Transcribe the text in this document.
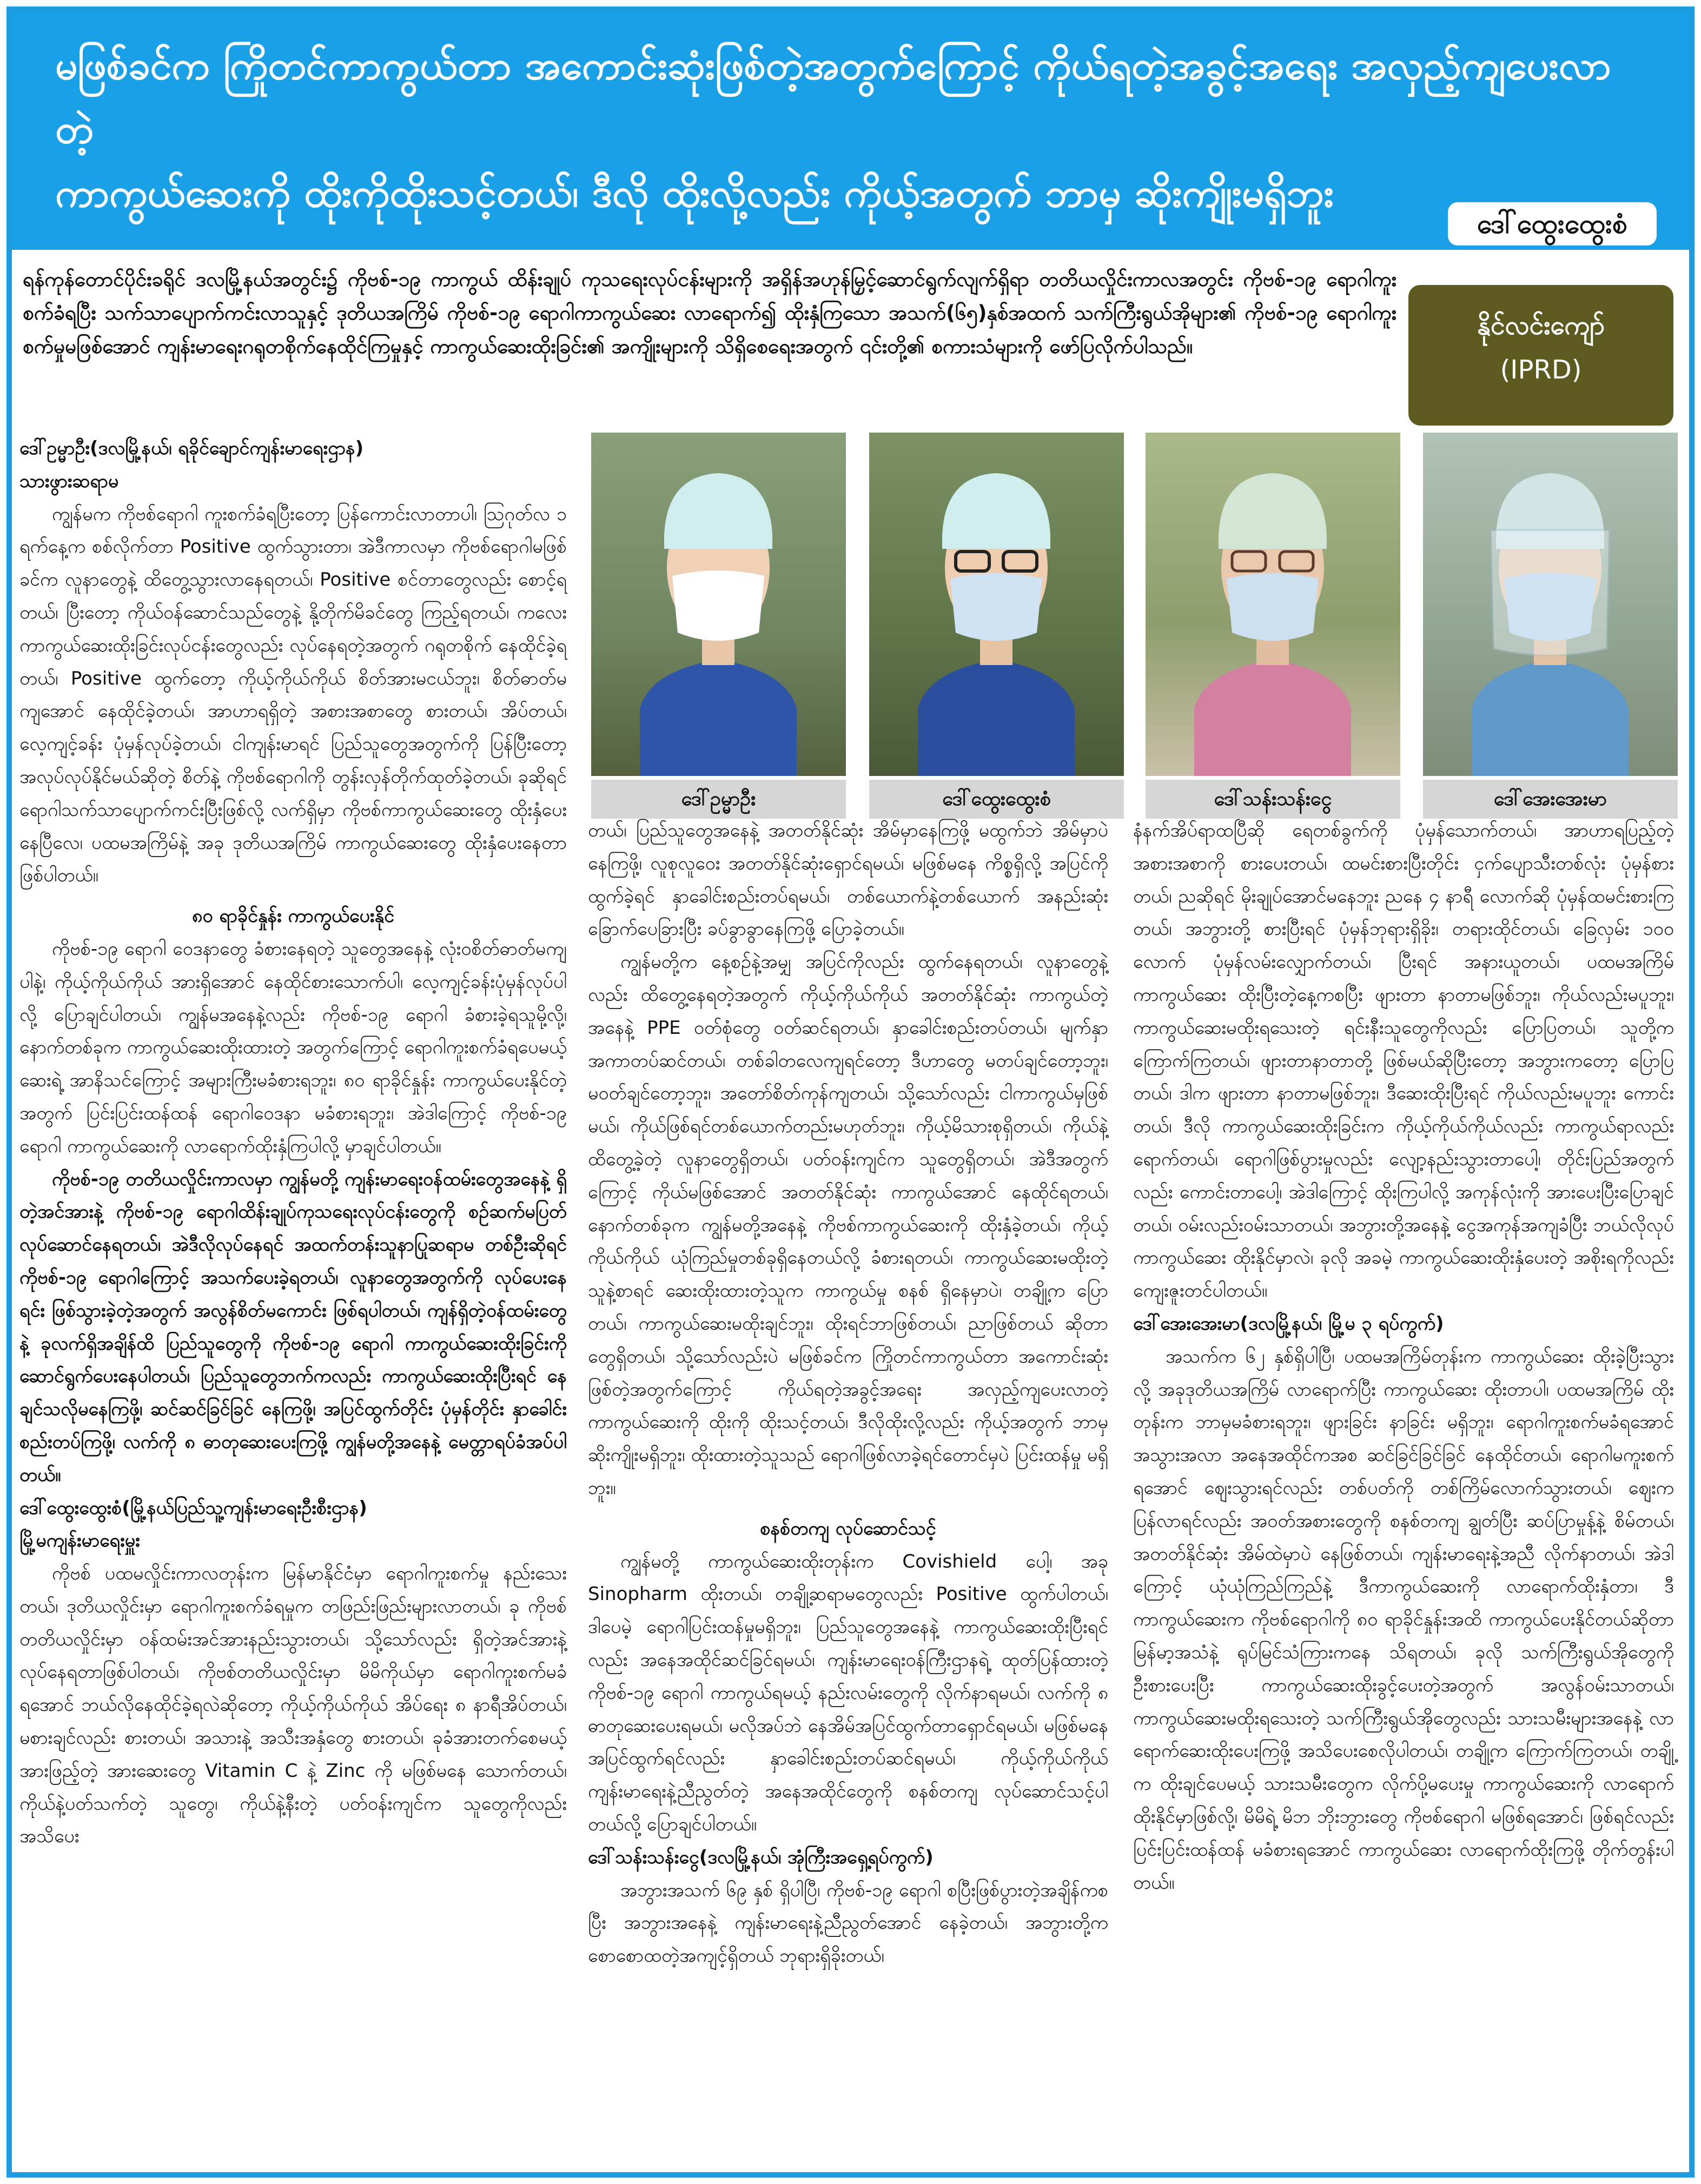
မဖြစ်ခင်က ကြိုတင်ကာကွယ်တာ အကောင်းဆုံးဖြစ်တဲ့အတွက်ကြောင့် ကိုယ်ရတဲ့အခွင့်အရေး အလှည့်ကျပေးလာတဲ့
ကာကွယ်ဆေးကို ထိုးကိုထိုးသင့်တယ်၊ ဒီလို ထိုးလို့လည်း ကိုယ့်အတွက် ဘာမှ ဆိုးကျိုးမရှိဘူး
ဒေါ်ထွေးထွေးစံ
ရန်ကုန်တောင်ပိုင်းခရိုင် ဒလမြို့နယ်အတွင်း၌ ကိုဗစ်-၁၉ ကာကွယ် ထိန်းချုပ် ကုသရေးလုပ်ငန်းများကို အရှိန်အဟုန်မြှင့်ဆောင်ရွက်လျက်ရှိရာ တတိယလှိုင်းကာလအတွင်း ကိုဗစ်-၁၉ ရောဂါကူးစက်ခံရပြီး သက်သာပျောက်ကင်းလာသူနှင့် ဒုတိယအကြိမ် ကိုဗစ်-၁၉ ရောဂါကာကွယ်ဆေး လာရောက်၍ ထိုးနှံကြသော အသက်(၆၅)နှစ်အထက် သက်ကြီးရွယ်အိုများ၏ ကိုဗစ်-၁၉ ရောဂါကူးစက်မှုမဖြစ်အောင် ကျန်းမာရေးဂရုတစိုက်နေထိုင်ကြမှုနှင့် ကာကွယ်ဆေးထိုးခြင်း၏ အကျိုးများကို သိရှိစေရေးအတွက် ၎င်းတို့၏ စကားသံများကို ဖော်ပြလိုက်ပါသည်။
နိုင်လင်းကျော်
(IPRD)

ဒေါ်ဥမ္မာဦး(ဒလမြို့နယ်၊ ရခိုင်ချောင်ကျန်းမာရေးဌာန)

သားဖွားဆရာမ

ကျွန်မက ကိုဗစ်ရောဂါ ကူးစက်ခံရပြီးတော့ ပြန်ကောင်းလာတာပါ၊ ဩဂုတ်လ ၁ ရက်နေ့က စစ်လိုက်တာ Positive ထွက်သွားတာ၊ အဲဒီကာလမှာ ကိုဗစ်ရောဂါမဖြစ်ခင်က လူနာတွေနဲ့ ထိတွေ့သွားလာနေရတယ်၊ Positive စင်တာတွေလည်း စောင့်ရတယ်၊ ပြီးတော့ ကိုယ်ဝန်ဆောင်သည်တွေနဲ့ နို့တိုက်မိခင်တွေ ကြည့်ရတယ်၊ ကလေး ကာကွယ်ဆေးထိုးခြင်းလုပ်ငန်းတွေလည်း လုပ်နေရတဲ့အတွက် ဂရုတစိုက် နေထိုင်ခဲ့ရတယ်၊ Positive ထွက်တော့ ကိုယ့်ကိုယ်ကိုယ် စိတ်အားမငယ်ဘူး၊ စိတ်ဓာတ်မကျအောင် နေထိုင်ခဲ့တယ်၊ အာဟာရရှိတဲ့ အစားအစာတွေ စားတယ်၊ အိပ်တယ်၊ လေ့ကျင့်ခန်း ပုံမှန်လုပ်ခဲ့တယ်၊ ငါကျန်းမာရင် ပြည်သူတွေအတွက်ကို ပြန်ပြီးတော့ အလုပ်လုပ်နိုင်မယ်ဆိုတဲ့ စိတ်နဲ့ ကိုဗစ်ရောဂါကို တွန်းလှန်တိုက်ထုတ်ခဲ့တယ်၊ ခုဆိုရင် ရောဂါသက်သာပျောက်ကင်းပြီးဖြစ်လို့ လက်ရှိမှာ ကိုဗစ်ကာကွယ်ဆေးတွေ ထိုးနှံပေးနေပြီလေ၊ ပထမအကြိမ်နဲ့ အခု ဒုတိယအကြိမ် ကာကွယ်ဆေးတွေ ထိုးနှံပေးနေတာဖြစ်ပါတယ်။

၈၀ ရာခိုင်နှုန်း ကာကွယ်ပေးနိုင်

ကိုဗစ်-၁၉ ရောဂါ ဝေဒနာတွေ ခံစားနေရတဲ့ သူတွေအနေနဲ့ လုံးဝစိတ်ဓာတ်မကျပါနဲ့၊ ကိုယ့်ကိုယ်ကိုယ် အားရှိအောင် နေထိုင်စားသောက်ပါ၊ လေ့ကျင့်ခန်းပုံမှန်လုပ်ပါလို့ ပြောချင်ပါတယ်၊ ကျွန်မအနေနဲ့လည်း ကိုဗစ်-၁၉ ရောဂါ ခံစားခဲ့ရသူမို့လို့၊ နောက်တစ်ခုက ကာကွယ်ဆေးထိုးထားတဲ့ အတွက်ကြောင့် ရောဂါကူးစက်ခံရပေမယ့် ဆေးရဲ့ အာနိသင်ကြောင့် အများကြီးမခံစားရဘူး၊ ၈၀ ရာခိုင်နှုန်း ကာကွယ်ပေးနိုင်တဲ့အတွက် ပြင်းပြင်းထန်ထန် ရောဂါဝေဒနာ မခံစားရဘူး၊ အဲဒါကြောင့် ကိုဗစ်-၁၉ ရောဂါ ကာကွယ်ဆေးကို လာရောက်ထိုးနှံကြပါလို့ မှာချင်ပါတယ်။

ကိုဗစ်-၁၉ တတိယလှိုင်းကာလမှာ ကျွန်မတို့ ကျန်းမာရေးဝန်ထမ်းတွေအနေနဲ့ ရှိတဲ့အင်အားနဲ့ ကိုဗစ်-၁၉ ရောဂါထိန်းချုပ်ကုသရေးလုပ်ငန်းတွေကို စဉ်ဆက်မပြတ် လုပ်ဆောင်နေရတယ်၊ အဲဒီလိုလုပ်နေရင် အထက်တန်းသူနာပြုဆရာမ တစ်ဦးဆိုရင် ကိုဗစ်-၁၉ ရောဂါကြောင့် အသက်ပေးခဲ့ရတယ်၊ လူနာတွေအတွက်ကို လုပ်ပေးနေရင်း ဖြစ်သွားခဲ့တဲ့အတွက် အလွန်စိတ်မကောင်း ဖြစ်ရပါတယ်၊ ကျန်ရှိတဲ့ဝန်ထမ်းတွေနဲ့ ခုလက်ရှိအချိန်ထိ ပြည်သူတွေကို ကိုဗစ်-၁၉ ရောဂါ ကာကွယ်ဆေးထိုးခြင်းကို ဆောင်ရွက်ပေးနေပါတယ်၊ ပြည်သူတွေဘက်ကလည်း ကာကွယ်ဆေးထိုးပြီးရင် နေချင်သလိုမနေကြဖို့၊ ဆင်ဆင်ခြင်ခြင် နေကြဖို့၊ အပြင်ထွက်တိုင်း ပုံမှန်တိုင်း နှာခေါင်းစည်းတပ်ကြဖို့၊ လက်ကို ၈ ဓာတုဆေးပေးကြဖို့ ကျွန်မတို့အနေနဲ့ မေတ္တာရပ်ခံအပ်ပါတယ်။

ဒေါ်ထွေးထွေးစံ(မြို့နယ်ပြည်သူ့ကျန်းမာရေးဦးစီးဌာန)

မြို့မကျန်းမာရေးမှူး

ကိုဗစ် ပထမလှိုင်းကာလတုန်းက မြန်မာနိုင်ငံမှာ ရောဂါကူးစက်မှု နည်းသေးတယ်၊ ဒုတိယလှိုင်းမှာ ရောဂါကူးစက်ခံရမှုက တဖြည်းဖြည်းများလာတယ်၊ ခု ကိုဗစ်တတိယလှိုင်းမှာ ဝန်ထမ်းအင်အားနည်းသွားတယ်၊ သို့သော်လည်း ရှိတဲ့အင်အားနဲ့ လုပ်နေရတာဖြစ်ပါတယ်၊ ကိုဗစ်တတိယလှိုင်းမှာ မိမိကိုယ်မှာ ရောဂါကူးစက်မခံရအောင် ဘယ်လိုနေထိုင်ခဲ့ရလဲဆိုတော့ ကိုယ့်ကိုယ်ကိုယ် အိပ်ရေး ၈ နာရီအိပ်တယ်၊ မစားချင်လည်း စားတယ်၊ အသားနဲ့ အသီးအနှံတွေ စားတယ်၊ ခုခံအားတက်စေမယ့် အားဖြည့်တဲ့ အားဆေးတွေ Vitamin C နဲ့ Zinc ကို မဖြစ်မနေ သောက်တယ်၊ ကိုယ်နဲ့ပတ်သက်တဲ့ သူတွေ၊ ကိုယ်နဲ့နီးတဲ့ ပတ်ဝန်းကျင်က သူတွေကိုလည်း အသိပေး

ဒေါ်ဥမ္မာဦး	ဒေါ်ထွေးထွေးစံ	ဒေါ်သန်းသန်းငွေ	ဒေါ်အေးအေးမာ

တယ်၊ ပြည်သူတွေအနေနဲ့ အတတ်နိုင်ဆုံး အိမ်မှာနေကြဖို့ မထွက်ဘဲ အိမ်မှာပဲနေကြဖို့၊ လူစုလူဝေး အတတ်နိုင်ဆုံးရှောင်ရမယ်၊ မဖြစ်မနေ ကိစ္စရှိလို့ အပြင်ကို ထွက်ခဲ့ရင် နှာခေါင်းစည်းတပ်ရမယ်၊ တစ်ယောက်နဲ့တစ်ယောက် အနည်းဆုံး ခြောက်ပေခြားပြီး ခပ်ခွာခွာနေကြဖို့ ပြောခဲ့တယ်။

ကျွန်မတို့က နေ့စဉ်နဲ့အမျှ အပြင်ကိုလည်း ထွက်နေရတယ်၊ လူနာတွေနဲ့လည်း ထိတွေ့နေရတဲ့အတွက် ကိုယ့်ကိုယ်ကိုယ် အတတ်နိုင်ဆုံး ကာကွယ်တဲ့အနေနဲ့ PPE ဝတ်စုံတွေ ဝတ်ဆင်ရတယ်၊ နှာခေါင်းစည်းတပ်တယ်၊ မျက်နှာအကာတပ်ဆင်တယ်၊ တစ်ခါတလေကျရင်တော့ ဒီဟာတွေ မတပ်ချင်တော့ဘူး၊ မဝတ်ချင်တော့ဘူး၊ အတော်စိတ်ကုန်ကျတယ်၊ သို့သော်လည်း ငါကာကွယ်မှဖြစ်မယ်၊ ကိုယ်ဖြစ်ရင်တစ်ယောက်တည်းမဟုတ်ဘူး၊ ကိုယ့်မိသားစုရှိတယ်၊ ကိုယ်နဲ့ ထိတွေ့ခဲ့တဲ့ လူနာတွေရှိတယ်၊ ပတ်ဝန်းကျင်က သူတွေရှိတယ်၊ အဲဒီအတွက်ကြောင့် ကိုယ်မဖြစ်အောင် အတတ်နိုင်ဆုံး ကာကွယ်အောင် နေထိုင်ရတယ်၊ နောက်တစ်ခုက ကျွန်မတို့အနေနဲ့ ကိုဗစ်ကာကွယ်ဆေးကို ထိုးနှံခဲ့တယ်၊ ကိုယ့်ကိုယ်ကိုယ် ယုံကြည်မှုတစ်ခုရှိနေတယ်လို့ ခံစားရတယ်၊ ကာကွယ်ဆေးမထိုးတဲ့သူနဲ့စာရင် ဆေးထိုးထားတဲ့သူက ကာကွယ်မှု စနစ် ရှိနေမှာပဲ၊ တချို့က ပြောတယ်၊ ကာကွယ်ဆေးမထိုးချင်ဘူး၊ ထိုးရင်ဘာဖြစ်တယ်၊ ညာဖြစ်တယ် ဆိုတာတွေရှိတယ်၊ သို့သော်လည်းပဲ မဖြစ်ခင်က ကြိုတင်ကာကွယ်တာ အကောင်းဆုံးဖြစ်တဲ့အတွက်ကြောင့် ကိုယ်ရတဲ့အခွင့်အရေး အလှည့်ကျပေးလာတဲ့ ကာကွယ်ဆေးကို ထိုးကို ထိုးသင့်တယ်၊ ဒီလိုထိုးလို့လည်း ကိုယ့်အတွက် ဘာမှ ဆိုးကျိုးမရှိဘူး၊ ထိုးထားတဲ့သူသည် ရောဂါဖြစ်လာခဲ့ရင်တောင်မှပဲ ပြင်းထန်မှု မရှိဘူး။

စနစ်တကျ လုပ်ဆောင်သင့်

ကျွန်မတို့ ကာကွယ်ဆေးထိုးတုန်းက Covishield ပေါ့၊ အခု Sinopharm ထိုးတယ်၊ တချို့ဆရာမတွေလည်း Positive ထွက်ပါတယ်၊ ဒါပေမဲ့ ရောဂါပြင်းထန်မှုမရှိဘူး၊ ပြည်သူတွေအနေနဲ့ ကာကွယ်ဆေးထိုးပြီးရင်လည်း အနေအထိုင်ဆင်ခြင်ရမယ်၊ ကျန်းမာရေးဝန်ကြီးဌာနရဲ့ ထုတ်ပြန်ထားတဲ့ ကိုဗစ်-၁၉ ရောဂါ ကာကွယ်ရမယ့် နည်းလမ်းတွေကို လိုက်နာရမယ်၊ လက်ကို ၈ ဓာတုဆေးပေးရမယ်၊ မလိုအပ်ဘဲ နေအိမ်အပြင်ထွက်တာရှောင်ရမယ်၊ မဖြစ်မနေ အပြင်ထွက်ရင်လည်း နှာခေါင်းစည်းတပ်ဆင်ရမယ်၊ ကိုယ့်ကိုယ်ကိုယ် ကျန်းမာရေးနဲ့ညီညွတ်တဲ့ အနေအထိုင်တွေကို စနစ်တကျ လုပ်ဆောင်သင့်ပါတယ်လို့ ပြောချင်ပါတယ်။

ဒေါ်သန်းသန်းငွေ(ဒလမြို့နယ်၊ အုံကြီးအရှေ့ရပ်ကွက်)

အဘွားအသက် ၆၉ နှစ် ရှိပါပြီ၊ ကိုဗစ်-၁၉ ရောဂါ စပြီးဖြစ်ပွားတဲ့အချိန်ကစပြီး အဘွားအနေနဲ့ ကျန်းမာရေးနဲ့ညီညွတ်အောင် နေခဲ့တယ်၊ အဘွားတို့က စောစောထတဲ့အကျင့်ရှိတယ် ဘုရားရှိခိုးတယ်၊

နံနက်အိပ်ရာထပြီဆို ရေတစ်ခွက်ကို ပုံမှန်သောက်တယ်၊ အာဟာရပြည့်တဲ့ အစားအစာကို စားပေးတယ်၊ ထမင်းစားပြီးတိုင်း ငှက်ပျောသီးတစ်လုံး ပုံမှန်စားတယ်၊ ညဆိုရင် မိုးချုပ်အောင်မနေဘူး ညနေ ၄ နာရီ လောက်ဆို ပုံမှန်ထမင်းစားကြတယ်၊ အဘွားတို့ စားပြီးရင် ပုံမှန်ဘုရားရှိခိုး၊ တရားထိုင်တယ်၊ ခြေလှမ်း ၁၀၀ လောက် ပုံမှန်လမ်းလျှောက်တယ်၊ ပြီးရင် အနားယူတယ်၊ ပထမအကြိမ် ကာကွယ်ဆေး ထိုးပြီးတဲ့နေ့ကစပြီး ဖျားတာ နာတာမဖြစ်ဘူး၊ ကိုယ်လည်းမပူဘူး၊ ကာကွယ်ဆေးမထိုးရသေးတဲ့ ရင်းနီးသူတွေကိုလည်း ပြောပြတယ်၊ သူတို့က ကြောက်ကြတယ်၊ ဖျားတာနာတာတို့ ဖြစ်မယ်ဆိုပြီးတော့ အဘွားကတော့ ပြောပြတယ်၊ ဒါက ဖျားတာ နာတာမဖြစ်ဘူး၊ ဒီဆေးထိုးပြီးရင် ကိုယ်လည်းမပူဘူး ကောင်းတယ်၊ ဒီလို ကာကွယ်ဆေးထိုးခြင်းက ကိုယ့်ကိုယ်ကိုယ်လည်း ကာကွယ်ရာလည်းရောက်တယ်၊ ရောဂါဖြစ်ပွားမှုလည်း လျော့နည်းသွားတာပေါ့၊ တိုင်းပြည်အတွက်လည်း ကောင်းတာပေါ့၊ အဲဒါကြောင့် ထိုးကြပါလို့ အကုန်လုံးကို အားပေးပြီးပြောချင်တယ်၊ ဝမ်းလည်းဝမ်းသာတယ်၊ အဘွားတို့အနေနဲ့ ငွေအကုန်အကျခံပြီး ဘယ်လိုလုပ် ကာကွယ်ဆေး ထိုးနိုင်မှာလဲ၊ ခုလို အခမဲ့ ကာကွယ်ဆေးထိုးနှံပေးတဲ့ အစိုးရကိုလည်း ကျေးဇူးတင်ပါတယ်။

ဒေါ်အေးအေးမာ(ဒလမြို့နယ်၊ မြို့မ ၃ ရပ်ကွက်)

အသက်က ၆၂ နှစ်ရှိပါပြီ၊ ပထမအကြိမ်တုန်းက ကာကွယ်ဆေး ထိုးခဲ့ပြီးသွားလို့ အခုဒုတိယအကြိမ် လာရောက်ပြီး ကာကွယ်ဆေး ထိုးတာပါ၊ ပထမအကြိမ် ထိုးတုန်းက ဘာမှမခံစားရဘူး၊ ဖျားခြင်း နာခြင်း မရှိဘူး၊ ရောဂါကူးစက်မခံရအောင် အသွားအလာ အနေအထိုင်ကအစ ဆင်ခြင်ခြင်ခြင် နေထိုင်တယ်၊ ရောဂါမကူးစက်ရအောင် ဈေးသွားရင်လည်း တစ်ပတ်ကို တစ်ကြိမ်လောက်သွားတယ်၊ ဈေးက ပြန်လာရင်လည်း အဝတ်အစားတွေကို စနစ်တကျ ချွတ်ပြီး ဆပ်ပြာမှုန့်နဲ့ စိမ်တယ်၊ အတတ်နိုင်ဆုံး အိမ်ထဲမှာပဲ နေဖြစ်တယ်၊ ကျန်းမာရေးနဲ့အညီ လိုက်နာတယ်၊ အဲဒါကြောင့် ယုံယုံကြည်ကြည်နဲ့ ဒီကာကွယ်ဆေးကို လာရောက်ထိုးနှံတာ၊ ဒီကာကွယ်ဆေးက ကိုဗစ်ရောဂါကို ၈၀ ရာခိုင်နှုန်းအထိ ကာကွယ်ပေးနိုင်တယ်ဆိုတာ မြန်မာ့အသံနဲ့ ရုပ်မြင်သံကြားကနေ သိရတယ်၊ ခုလို သက်ကြီးရွယ်အိုတွေကို ဦးစားပေးပြီး ကာကွယ်ဆေးထိုးခွင့်ပေးတဲ့အတွက် အလွန်ဝမ်းသာတယ်၊ ကာကွယ်ဆေးမထိုးရသေးတဲ့ သက်ကြီးရွယ်အိုတွေလည်း သားသမီးများအနေနဲ့ လာရောက်ဆေးထိုးပေးကြဖို့ အသိပေးစေလိုပါတယ်၊ တချို့က ကြောက်ကြတယ်၊ တချို့က ထိုးချင်ပေမယ့် သားသမီးတွေက လိုက်ပို့မပေးမှု ကာကွယ်ဆေးကို လာရောက်ထိုးနိုင်မှာဖြစ်လို့၊ မိမိရဲ့ မိဘ ဘိုးဘွားတွေ ကိုဗစ်ရောဂါ မဖြစ်ရအောင်၊ ဖြစ်ရင်လည်း ပြင်းပြင်းထန်ထန် မခံစားရအောင် ကာကွယ်ဆေး လာရောက်ထိုးကြဖို့ တိုက်တွန်းပါတယ်။
